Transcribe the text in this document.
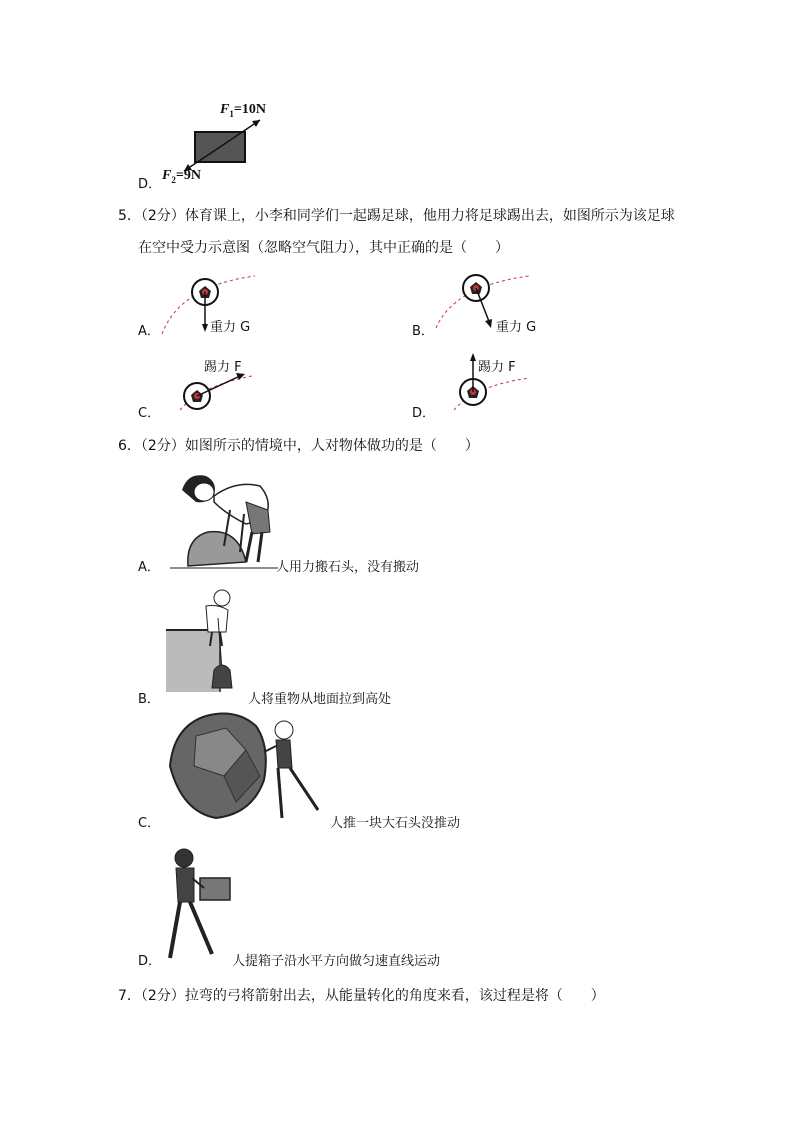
D．
$F_1=10N$
$F_2=9N$
5．（2分）体育课上，小李和同学们一起踢足球，他用力将足球踢出去，如图所示为该足球
在空中受力示意图（忽略空气阻力），其中正确的是（　　）
A．	重力 G	B．	重力 G
C．
踢力 F
D．
踢力 F
6．（2分）如图所示的情境中，人对物体做功的是（　　）
A．	人用力搬石头，没有搬动
B．	人将重物从地面拉到高处
C．	人推一块大石头没推动
D．	人提箱子沿水平方向做匀速直线运动
7．（2分）拉弯的弓将箭射出去，从能量转化的角度来看，该过程是将（　　）
